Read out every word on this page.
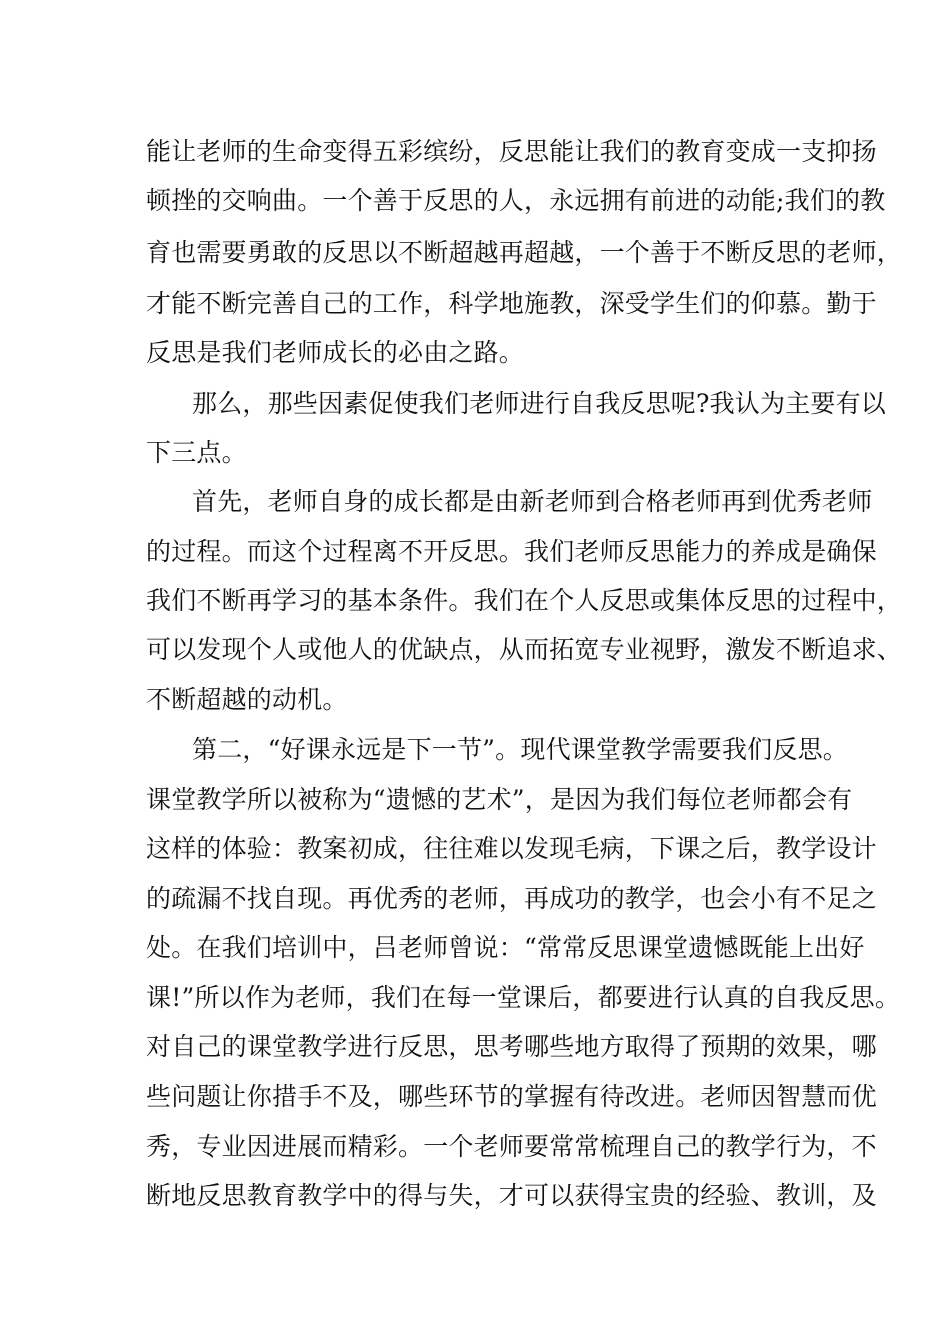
能让老师的生命变得五彩缤纷，反思能让我们的教育变成一支抑扬
顿挫的交响曲。一个善于反思的人，永远拥有前进的动能;我们的教
育也需要勇敢的反思以不断超越再超越，一个善于不断反思的老师，
才能不断完善自己的工作，科学地施教，深受学生们的仰慕。勤于
反思是我们老师成长的必由之路。
那么，那些因素促使我们老师进行自我反思呢?我认为主要有以
下三点。
首先，老师自身的成长都是由新老师到合格老师再到优秀老师
的过程。而这个过程离不开反思。我们老师反思能力的养成是确保
我们不断再学习的基本条件。我们在个人反思或集体反思的过程中，
可以发现个人或他人的优缺点，从而拓宽专业视野，激发不断追求、
不断超越的动机。
第二，“好课永远是下一节”。现代课堂教学需要我们反思。
课堂教学所以被称为“遗憾的艺术”，是因为我们每位老师都会有
这样的体验：教案初成，往往难以发现毛病，下课之后，教学设计
的疏漏不找自现。再优秀的老师，再成功的教学，也会小有不足之
处。在我们培训中，吕老师曾说：“常常反思课堂遗憾既能上出好
课!”所以作为老师，我们在每一堂课后，都要进行认真的自我反思。
对自己的课堂教学进行反思，思考哪些地方取得了预期的效果，哪
些问题让你措手不及，哪些环节的掌握有待改进。老师因智慧而优
秀，专业因进展而精彩。一个老师要常常梳理自己的教学行为，不
断地反思教育教学中的得与失，才可以获得宝贵的经验、教训，及
